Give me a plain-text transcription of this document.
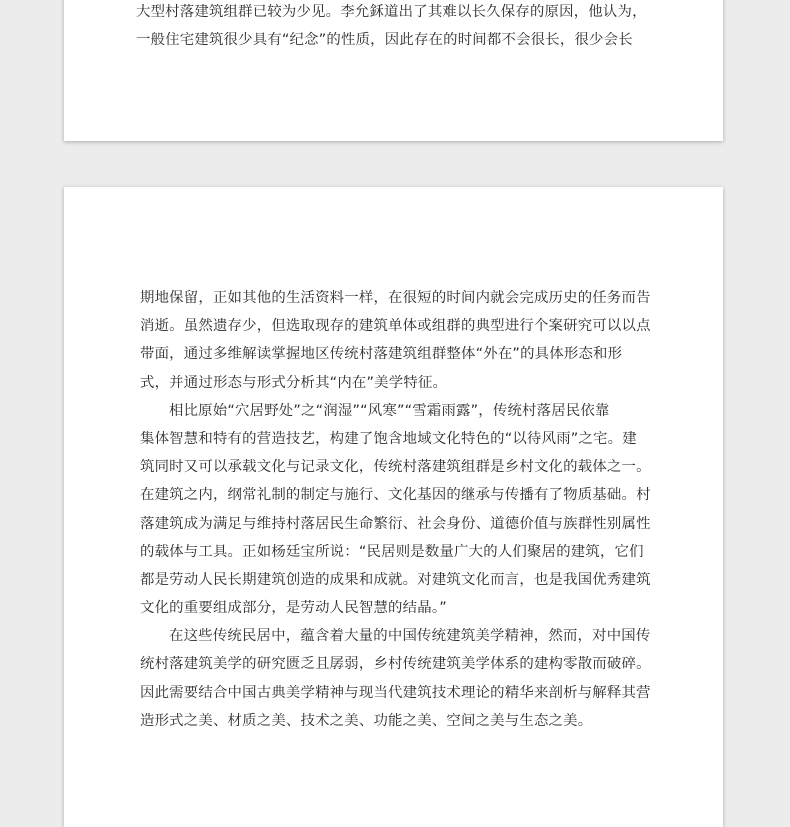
大型村落建筑组群已较为少见。李允鉌道出了其难以长久保存的原因，他认为，
一般住宅建筑很少具有“纪念”的性质，因此存在的时间都不会很长，很少会长
期地保留，正如其他的生活资料一样，在很短的时间内就会完成历史的任务而告
消逝。虽然遗存少，但选取现存的建筑单体或组群的典型进行个案研究可以以点
带面，通过多维解读掌握地区传统村落建筑组群整体“外在”的具体形态和形
式，并通过形态与形式分析其“内在”美学特征。
相比原始“穴居野处”之“润湿”“风寒”“雪霜雨露”，传统村落居民依靠
集体智慧和特有的营造技艺，构建了饱含地域文化特色的“以待风雨”之宅。建
筑同时又可以承载文化与记录文化，传统村落建筑组群是乡村文化的载体之一。
在建筑之内，纲常礼制的制定与施行、文化基因的继承与传播有了物质基础。村
落建筑成为满足与维持村落居民生命繁衍、社会身份、道德价值与族群性别属性
的载体与工具。正如杨廷宝所说：“民居则是数量广大的人们聚居的建筑，它们
都是劳动人民长期建筑创造的成果和成就。对建筑文化而言，也是我国优秀建筑
文化的重要组成部分，是劳动人民智慧的结晶。”
在这些传统民居中，蕴含着大量的中国传统建筑美学精神，然而，对中国传
统村落建筑美学的研究匮乏且孱弱，乡村传统建筑美学体系的建构零散而破碎。
因此需要结合中国古典美学精神与现当代建筑技术理论的精华来剖析与解释其营
造形式之美、材质之美、技术之美、功能之美、空间之美与生态之美。
